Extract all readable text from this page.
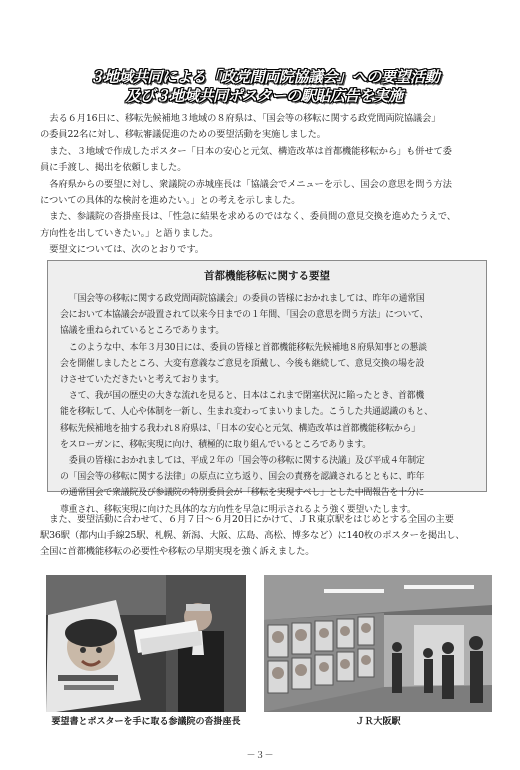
３地域共同による「政党間両院協議会」への要望活動
及び３地域共同ポスターの駅貼広告を実施

去る６月16日に、移転先候補地３地域の８府県は、「国会等の移転に関する政党間両院協議会」

の委員22名に対し、移転審議促進のための要望活動を実施しました。

また、３地域で作成したポスター「日本の安心と元気、構造改革は首都機能移転から」も併せて委

員に手渡し、掲出を依頼しました。

各府県からの要望に対し、衆議院の赤城座長は「協議会でメニューを示し、国会の意思を問う方法

についての具体的な検討を進めたい。」との考えを示しました。

また、参議院の沓掛座長は、「性急に結果を求めるのではなく、委員間の意見交換を進めたうえで、

方向性を出していきたい。」と語りました。

要望文については、次のとおりです。

首都機能移転に関する要望

「国会等の移転に関する政党間両院協議会」の委員の皆様におかれましては、昨年の通常国

会において本協議会が設置されて以来今日までの１年間、「国会の意思を問う方法」について、

協議を重ねられているところであります。

このような中、本年３月30日には、委員の皆様と首都機能移転先候補地８府県知事との懇談

会を開催しましたところ、大変有意義なご意見を頂戴し、今後も継続して、意見交換の場を設

けさせていただきたいと考えております。

さて、我が国の歴史の大きな流れを見ると、日本はこれまで閉塞状況に陥ったとき、首都機

能を移転して、人心や体制を一新し、生まれ変わってまいりました。こうした共通認識のもと、

移転先候補地を抽する我われ８府県は、「日本の安心と元気、構造改革は首都機能移転から」

をスローガンに、移転実現に向け、積極的に取り組んでいるところであります。

委員の皆様におかれましては、平成２年の「国会等の移転に関する決議」及び平成４年制定

の「国会等の移転に関する法律」の原点に立ち返り、国会の責務を認識されるとともに、昨年

の通常国会で衆議院及び参議院の特別委員会が「移転を実現すべし」とした中間報告を十分に

尊重され、移転実現に向けた具体的な方向性を早急に明示されるよう強く要望いたします。

また、要望活動に合わせて、６月７日〜６月20日にかけて、ＪＲ東京駅をはじめとする全国の主要

駅36駅（都内山手線25駅、札幌、新潟、大阪、広島、高松、博多など）に140枚のポスターを掲出し、

全国に首都機能移転の必要性や移転の早期実現を強く訴えました。

要望書とポスターを手に取る参議院の沓掛座長	ＪＲ大阪駅
－３－
